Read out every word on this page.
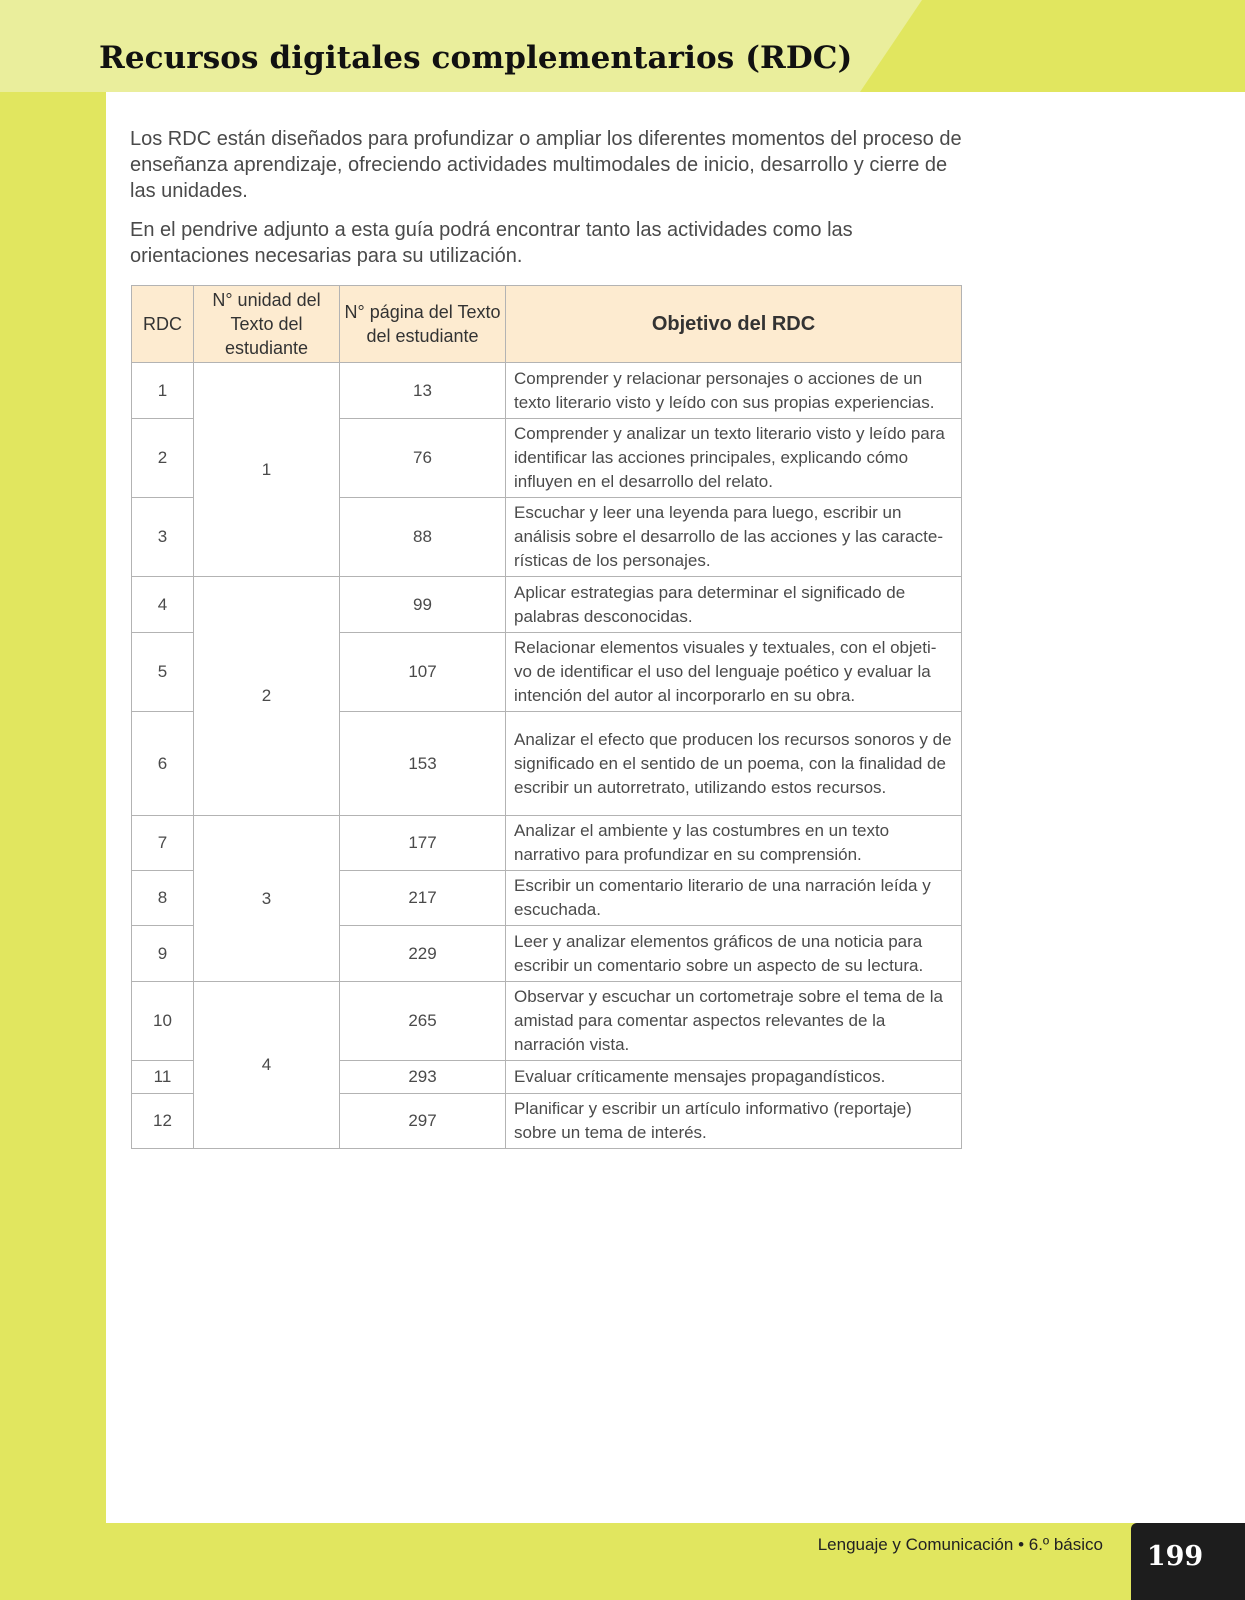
Recursos digitales complementarios (RDC)

Los RDC están diseñados para profundizar o ampliar los diferentes momentos del proceso de enseñanza aprendizaje, ofreciendo actividades multimodales de inicio, desarrollo y cierre de las unidades.

En el pendrive adjunto a esta guía podrá encontrar tanto las actividades como las orientaciones necesarias para su utilización.

RDC	N° unidad del Texto del estudiante	N° página del Texto del estudiante	Objetivo del RDC
1	1	13	Comprender y relacionar personajes o acciones de un texto literario visto y leído con sus propias experiencias.
2		76	Comprender y analizar un texto literario visto y leído para identificar las acciones principales, explicando cómo influyen en el desarrollo del relato.
3		88	Escuchar y leer una leyenda para luego, escribir un análisis sobre el desarrollo de las acciones y las caracte-rísticas de los personajes.
4	2	99	Aplicar estrategias para determinar el significado de palabras desconocidas.
5		107	Relacionar elementos visuales y textuales, con el objeti-vo de identificar el uso del lenguaje poético y evaluar la intención del autor al incorporarlo en su obra.
6		153	Analizar el efecto que producen los recursos sonoros y de significado en el sentido de un poema, con la finalidad de escribir un autorretrato, utilizando estos recursos.
7	3	177	Analizar el ambiente y las costumbres en un texto narrativo para profundizar en su comprensión.
8		217	Escribir un comentario literario de una narración leída y escuchada.
9		229	Leer y analizar elementos gráficos de una noticia para escribir un comentario sobre un aspecto de su lectura.
10	4	265	Observar y escuchar un cortometraje sobre el tema de la amistad para comentar aspectos relevantes de la narración vista.
11		293	Evaluar críticamente mensajes propagandísticos.
12		297	Planificar y escribir un artículo informativo (reportaje) sobre un tema de interés.
Lenguaje y Comunicación • 6.º básico	199
